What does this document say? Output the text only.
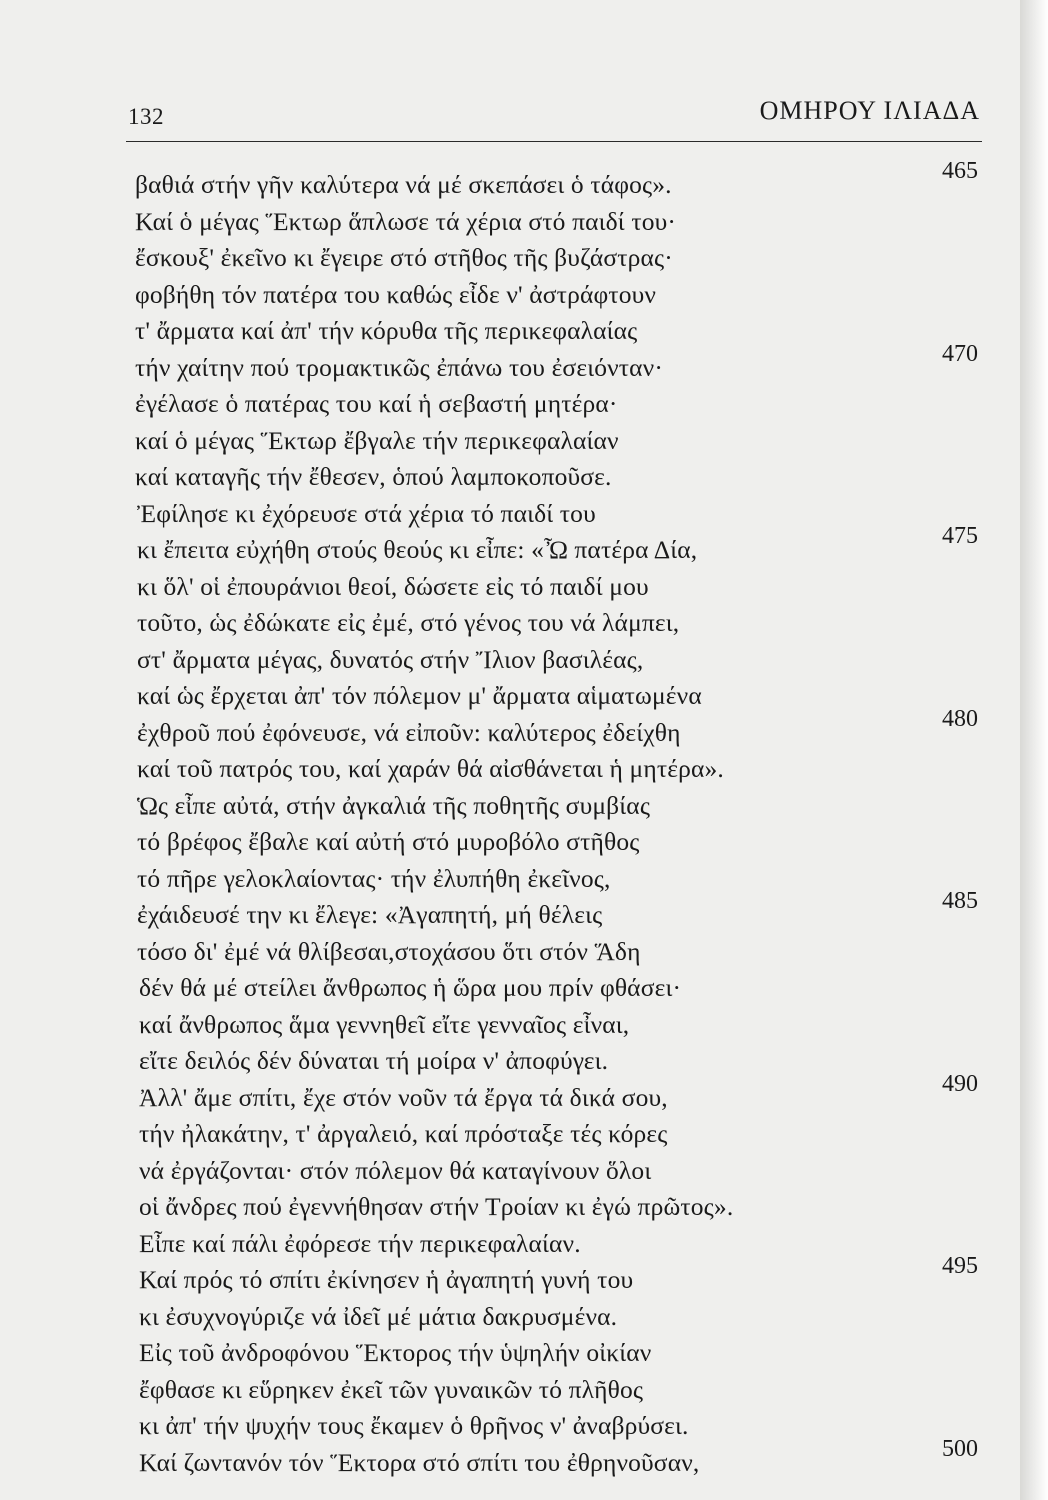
132	ΟΜΗΡΟΥ ΙΛΙΑΔΑ
βαθιά στήν γῆν καλύτερα νά μέ σκεπάσει ὁ τάφος».	465
Καί ὁ μέγας Ἕκτωρ ἅπλωσε τά χέρια στό παιδί του·
ἔσκουξ' ἐκεῖνο κι ἔγειρε στό στῆθος τῆς βυζάστρας·
φοβήθη τόν πατέρα του καθώς εἶδε ν' ἀστράφτουν
τ' ἄρματα καί ἀπ' τήν κόρυθα τῆς περικεφαλαίας
τήν χαίτην πού τρομακτικῶς ἐπάνω του ἐσειόνταν·	470
ἐγέλασε ὁ πατέρας του καί ἡ σεβαστή μητέρα·
καί ὁ μέγας Ἕκτωρ ἔβγαλε τήν περικεφαλαίαν
καί καταγῆς τήν ἔθεσεν, ὁπού λαμποκοποῦσε.
Ἐφίλησε κι ἐχόρευσε στά χέρια τό παιδί του
κι ἔπειτα εὐχήθη στούς θεούς κι εἶπε: «Ὦ πατέρα Δία,	475
κι ὅλ' οἱ ἐπουράνιοι θεοί, δώσετε εἰς τό παιδί μου
τοῦτο, ὡς ἐδώκατε εἰς ἐμέ, στό γένος του νά λάμπει,
στ' ἄρματα μέγας, δυνατός στήν Ἴλιον βασιλέας,
καί ὡς ἔρχεται ἀπ' τόν πόλεμον μ' ἄρματα αἱματωμένα
ἐχθροῦ πού ἐφόνευσε, νά εἰποῦν: καλύτερος ἐδείχθη	480
καί τοῦ πατρός του, καί χαράν θά αἰσθάνεται ἡ μητέρα».
Ὡς εἶπε αὐτά, στήν ἀγκαλιά τῆς ποθητῆς συμβίας
τό βρέφος ἔβαλε καί αὐτή στό μυροβόλο στῆθος
τό πῆρε γελοκλαίοντας· τήν ἐλυπήθη ἐκεῖνος,
ἐχάιδευσέ την κι ἔλεγε: «Ἀγαπητή, μή θέλεις	485
τόσο δι' ἐμέ νά θλίβεσαι,στοχάσου ὅτι στόν Ἅδη
δέν θά μέ στείλει ἄνθρωπος ἡ ὥρα μου πρίν φθάσει·
καί ἄνθρωπος ἅμα γεννηθεῖ εἴτε γενναῖος εἶναι,
εἴτε δειλός δέν δύναται τή μοίρα ν' ἀποφύγει.
Ἀλλ' ἄμε σπίτι, ἔχε στόν νοῦν τά ἔργα τά δικά σου,	490
τήν ἠλακάτην, τ' ἀργαλειό, καί πρόσταξε τές κόρες
νά ἐργάζονται· στόν πόλεμον θά καταγίνουν ὅλοι
οἱ ἄνδρες πού ἐγεννήθησαν στήν Τροίαν κι ἐγώ πρῶτος».
Εἶπε καί πάλι ἐφόρεσε τήν περικεφαλαίαν.
Καί πρός τό σπίτι ἐκίνησεν ἡ ἀγαπητή γυνή του	495
κι ἐσυχνογύριζε νά ἰδεῖ μέ μάτια δακρυσμένα.
Εἰς τοῦ ἀνδροφόνου Ἕκτορος τήν ὑψηλήν οἰκίαν
ἔφθασε κι εὕρηκεν ἐκεῖ τῶν γυναικῶν τό πλῆθος
κι ἀπ' τήν ψυχήν τους ἔκαμεν ὁ θρῆνος ν' ἀναβρύσει.
Καί ζωντανόν τόν Ἕκτορα στό σπίτι του ἐθρηνοῦσαν,	500
